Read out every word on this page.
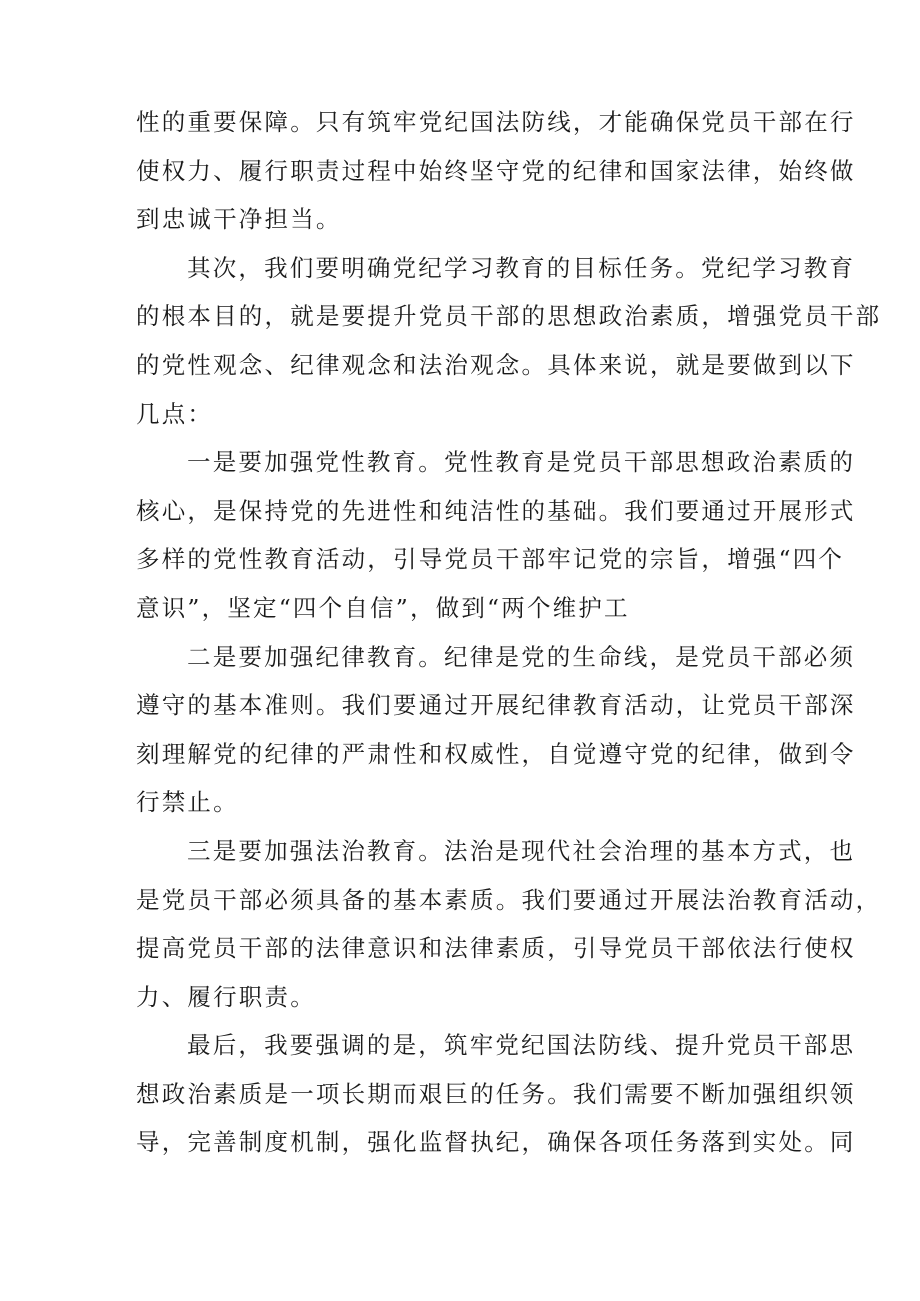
性的重要保障。只有筑牢党纪国法防线，才能确保党员干部在行
使权力、履行职责过程中始终坚守党的纪律和国家法律，始终做
到忠诚干净担当。
其次，我们要明确党纪学习教育的目标任务。党纪学习教育
的根本目的，就是要提升党员干部的思想政治素质，增强党员干部
的党性观念、纪律观念和法治观念。具体来说，就是要做到以下
几点：
一是要加强党性教育。党性教育是党员干部思想政治素质的
核心，是保持党的先进性和纯洁性的基础。我们要通过开展形式
多样的党性教育活动，引导党员干部牢记党的宗旨，增强“四个
意识”，坚定“四个自信”，做到“两个维护工
二是要加强纪律教育。纪律是党的生命线，是党员干部必须
遵守的基本准则。我们要通过开展纪律教育活动，让党员干部深
刻理解党的纪律的严肃性和权威性，自觉遵守党的纪律，做到令
行禁止。
三是要加强法治教育。法治是现代社会治理的基本方式，也
是党员干部必须具备的基本素质。我们要通过开展法治教育活动，
提高党员干部的法律意识和法律素质，引导党员干部依法行使权
力、履行职责。
最后，我要强调的是，筑牢党纪国法防线、提升党员干部思
想政治素质是一项长期而艰巨的任务。我们需要不断加强组织领
导，完善制度机制，强化监督执纪，确保各项任务落到实处。同
